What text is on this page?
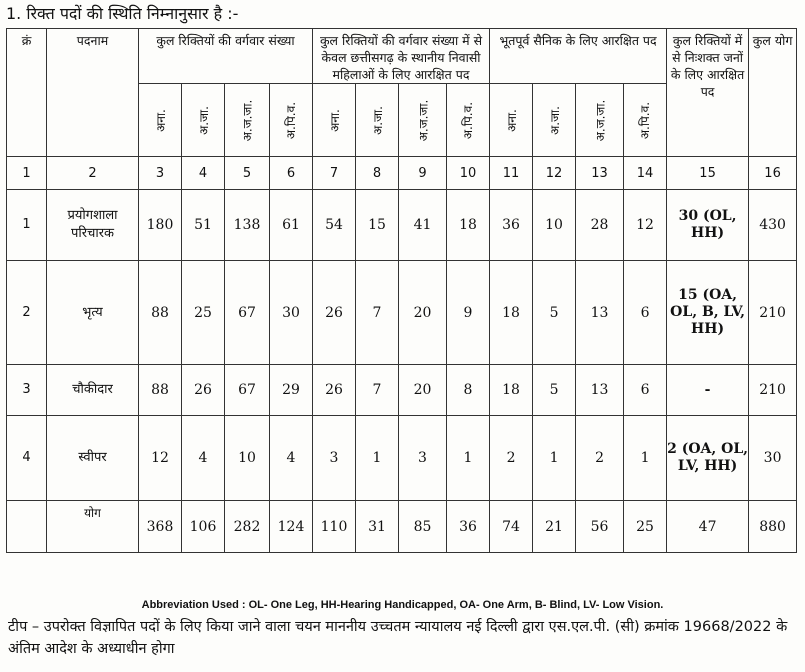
1. रिक्त पदों की स्थिति निम्नानुसार है :-
क्रं	पदनाम	कुल रिक्तियों की वर्गवार संख्या				कुल रिक्तियों की वर्गवार संख्या में से केवल छत्तीसगढ़ के स्थानीय निवासी महिलाओं के लिए आरक्षित पद				भूतपूर्व सैनिक के लिए आरक्षित पद				कुल रिक्तियों में से निःशक्त जनों के लिए आरक्षित पद	कुल योग
		अना.	अ.जा.	अ.ज.जा.	अ.पि.व.	अना.	अ.जा.	अ.ज.जा.	अ.पि.व.	अना.	अ.जा.	अ.ज.जा.	अ.पि.व.		
1	2	3	4	5	6	7	8	9	10	11	12	13	14	15	16
1	प्रयोगशाला परिचारक	180	51	138	61	54	15	41	18	36	10	28	12	30 (OL, HH)	430
2	भृत्य	88	25	67	30	26	7	20	9	18	5	13	6	15 (OA, OL, B, LV, HH)	210
3	चौकीदार	88	26	67	29	26	7	20	8	18	5	13	6	-	210
4	स्वीपर	12	4	10	4	3	1	3	1	2	1	2	1	2 (OA, OL, LV, HH)	30
	योग	368	106	282	124	110	31	85	36	74	21	56	25	47	880
Abbreviation Used : OL- One Leg, HH-Hearing Handicapped, OA- One Arm, B- Blind, LV- Low Vision.
टीप – उपरोक्त विज्ञापित पदों के लिए किया जाने वाला चयन माननीय उच्चतम न्यायालय नई दिल्ली द्वारा एस.एल.पी. (सी) क्रमांक 19668/2022 के अंतिम आदेश के अध्याधीन होगा
